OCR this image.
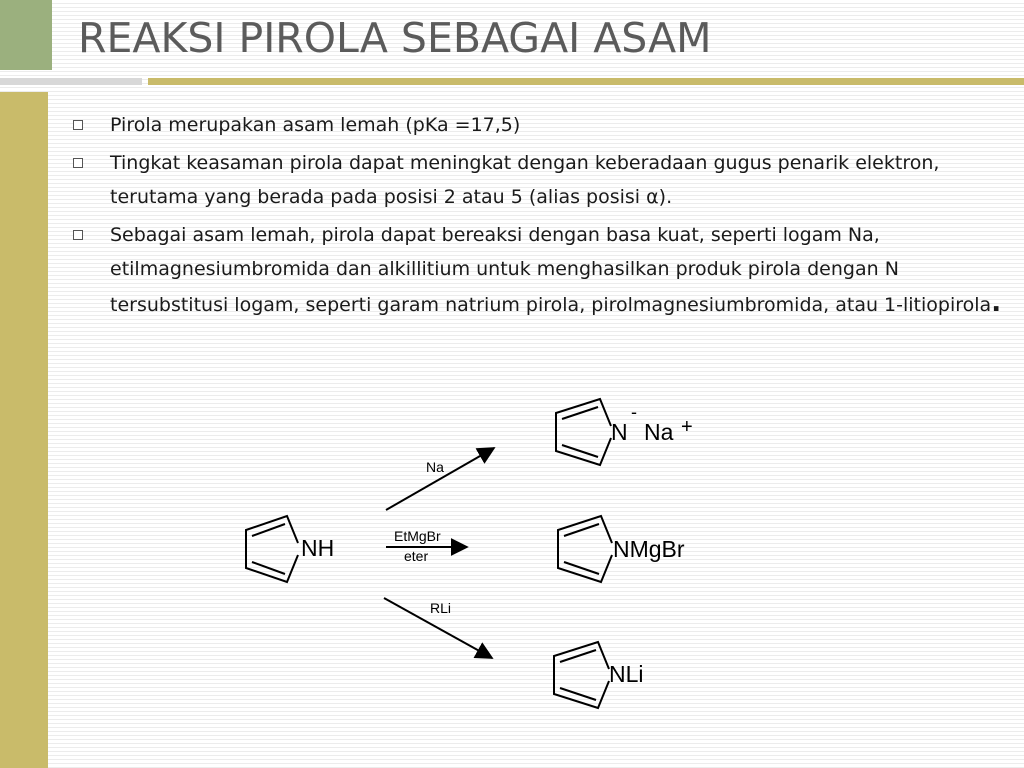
REAKSI PIROLA SEBAGAI ASAM
Pirola merupakan asam lemah (pKa =17,5)
Tingkat keasaman pirola dapat meningkat dengan keberadaan gugus penarik elektron, terutama yang berada pada posisi 2 atau 5 (alias posisi α).
Sebagai asam lemah, pirola dapat bereaksi dengan basa kuat, seperti logam Na, etilmagnesiumbromida dan alkillitium untuk menghasilkan produk pirola dengan N tersubstitusi logam, seperti garam natrium pirola, pirolmagnesiumbromida, atau 1-litiopirola.
NH
Na
EtMgBr
eter
RLi
N
-
Na +
NMgBr
NLi
